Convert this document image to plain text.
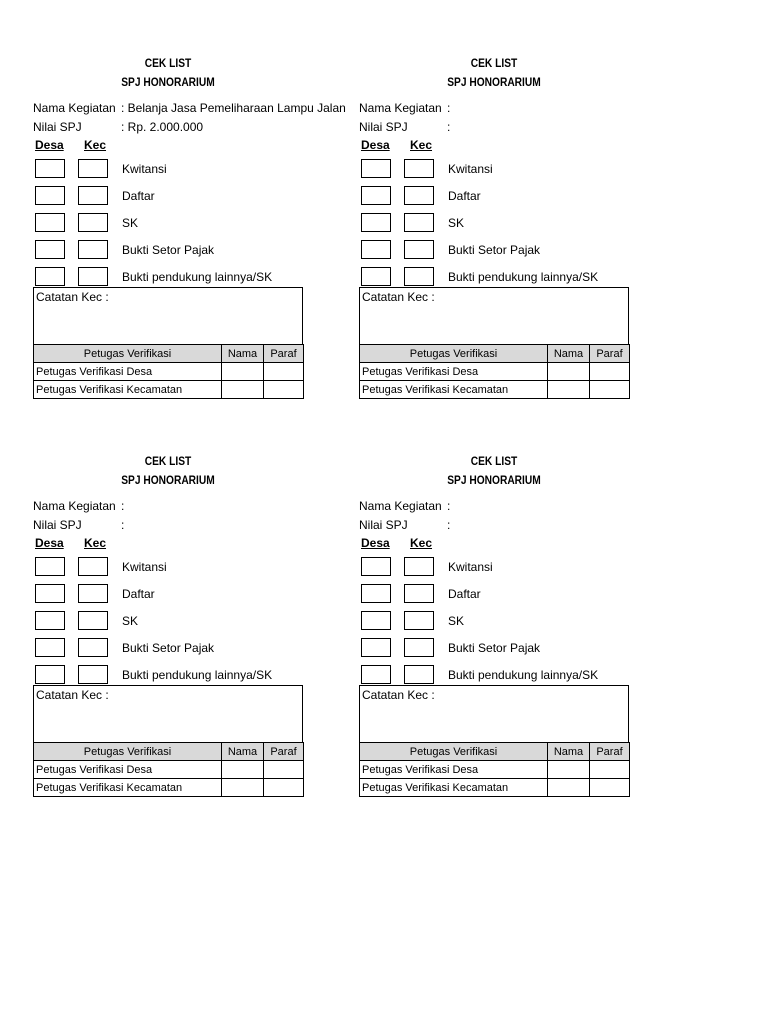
CEK LIST
SPJ HONORARIUM
Nama Kegiatan : Belanja Jasa Pemeliharaan Lampu Jalan
Nilai SPJ	: Rp. 2.000.000
Desa Kec
Kwitansi
Daftar
SK
Bukti Setor Pajak
Bukti pendukung lainnya/SK
Catatan Kec :
Petugas Verifikasi	Nama	Paraf
Petugas Verifikasi Desa		
Petugas Verifikasi Kecamatan		
CEK LIST
SPJ HONORARIUM
Nama Kegiatan :
Nilai SPJ	:
Desa Kec
Kwitansi
Daftar
SK
Bukti Setor Pajak
Bukti pendukung lainnya/SK
Catatan Kec :
Petugas Verifikasi	Nama	Paraf
Petugas Verifikasi Desa		
Petugas Verifikasi Kecamatan		
CEK LIST
SPJ HONORARIUM
Nama Kegiatan :
Nilai SPJ	:
Desa Kec
Kwitansi
Daftar
SK
Bukti Setor Pajak
Bukti pendukung lainnya/SK
Catatan Kec :
Petugas Verifikasi	Nama	Paraf
Petugas Verifikasi Desa		
Petugas Verifikasi Kecamatan		
CEK LIST
SPJ HONORARIUM
Nama Kegiatan :
Nilai SPJ	:
Desa Kec
Kwitansi
Daftar
SK
Bukti Setor Pajak
Bukti pendukung lainnya/SK
Catatan Kec :
Petugas Verifikasi	Nama	Paraf
Petugas Verifikasi Desa		
Petugas Verifikasi Kecamatan		
